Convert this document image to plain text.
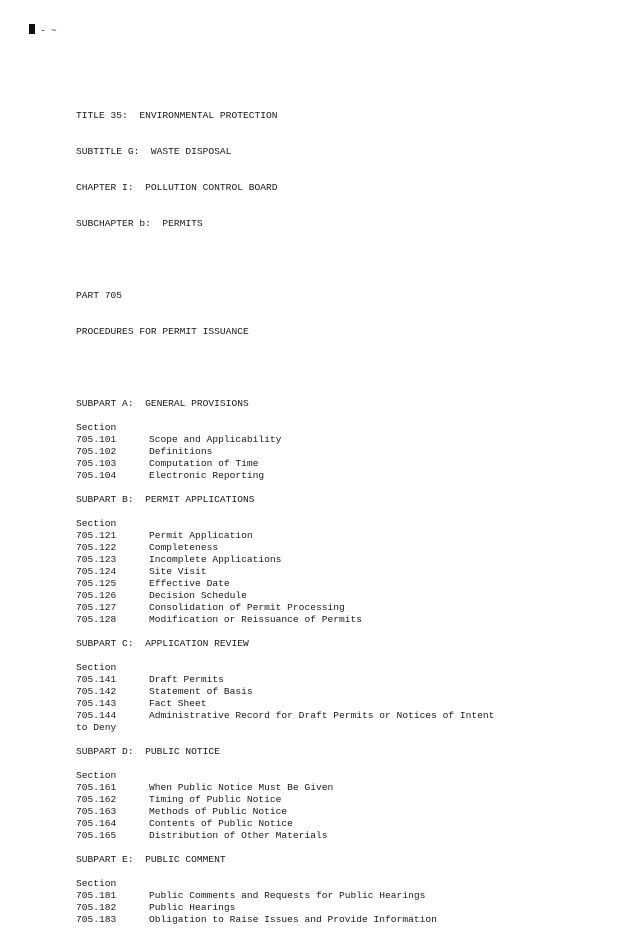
- ~

TITLE 35:  ENVIRONMENTAL PROTECTION

SUBTITLE G:  WASTE DISPOSAL

CHAPTER I:  POLLUTION CONTROL BOARD

SUBCHAPTER b:  PERMITS

PART 705

PROCEDURES FOR PERMIT ISSUANCE

SUBPART A:  GENERAL PROVISIONS
Section
705.101	Scope and Applicability
705.102	Definitions
705.103	Computation of Time
705.104	Electronic Reporting
SUBPART B:  PERMIT APPLICATIONS
Section
705.121	Permit Application
705.122	Completeness
705.123	Incomplete Applications
705.124	Site Visit
705.125	Effective Date
705.126	Decision Schedule
705.127	Consolidation of Permit Processing
705.128	Modification or Reissuance of Permits
SUBPART C:  APPLICATION REVIEW
Section
705.141	Draft Permits
705.142	Statement of Basis
705.143	Fact Sheet
705.144	Administrative Record for Draft Permits or Notices of Intent
to Deny
SUBPART D:  PUBLIC NOTICE
Section
705.161	When Public Notice Must Be Given
705.162	Timing of Public Notice
705.163	Methods of Public Notice
705.164	Contents of Public Notice
705.165	Distribution of Other Materials
SUBPART E:  PUBLIC COMMENT
Section
705.181	Public Comments and Requests for Public Hearings
705.182	Public Hearings
705.183	Obligation to Raise Issues and Provide Information
